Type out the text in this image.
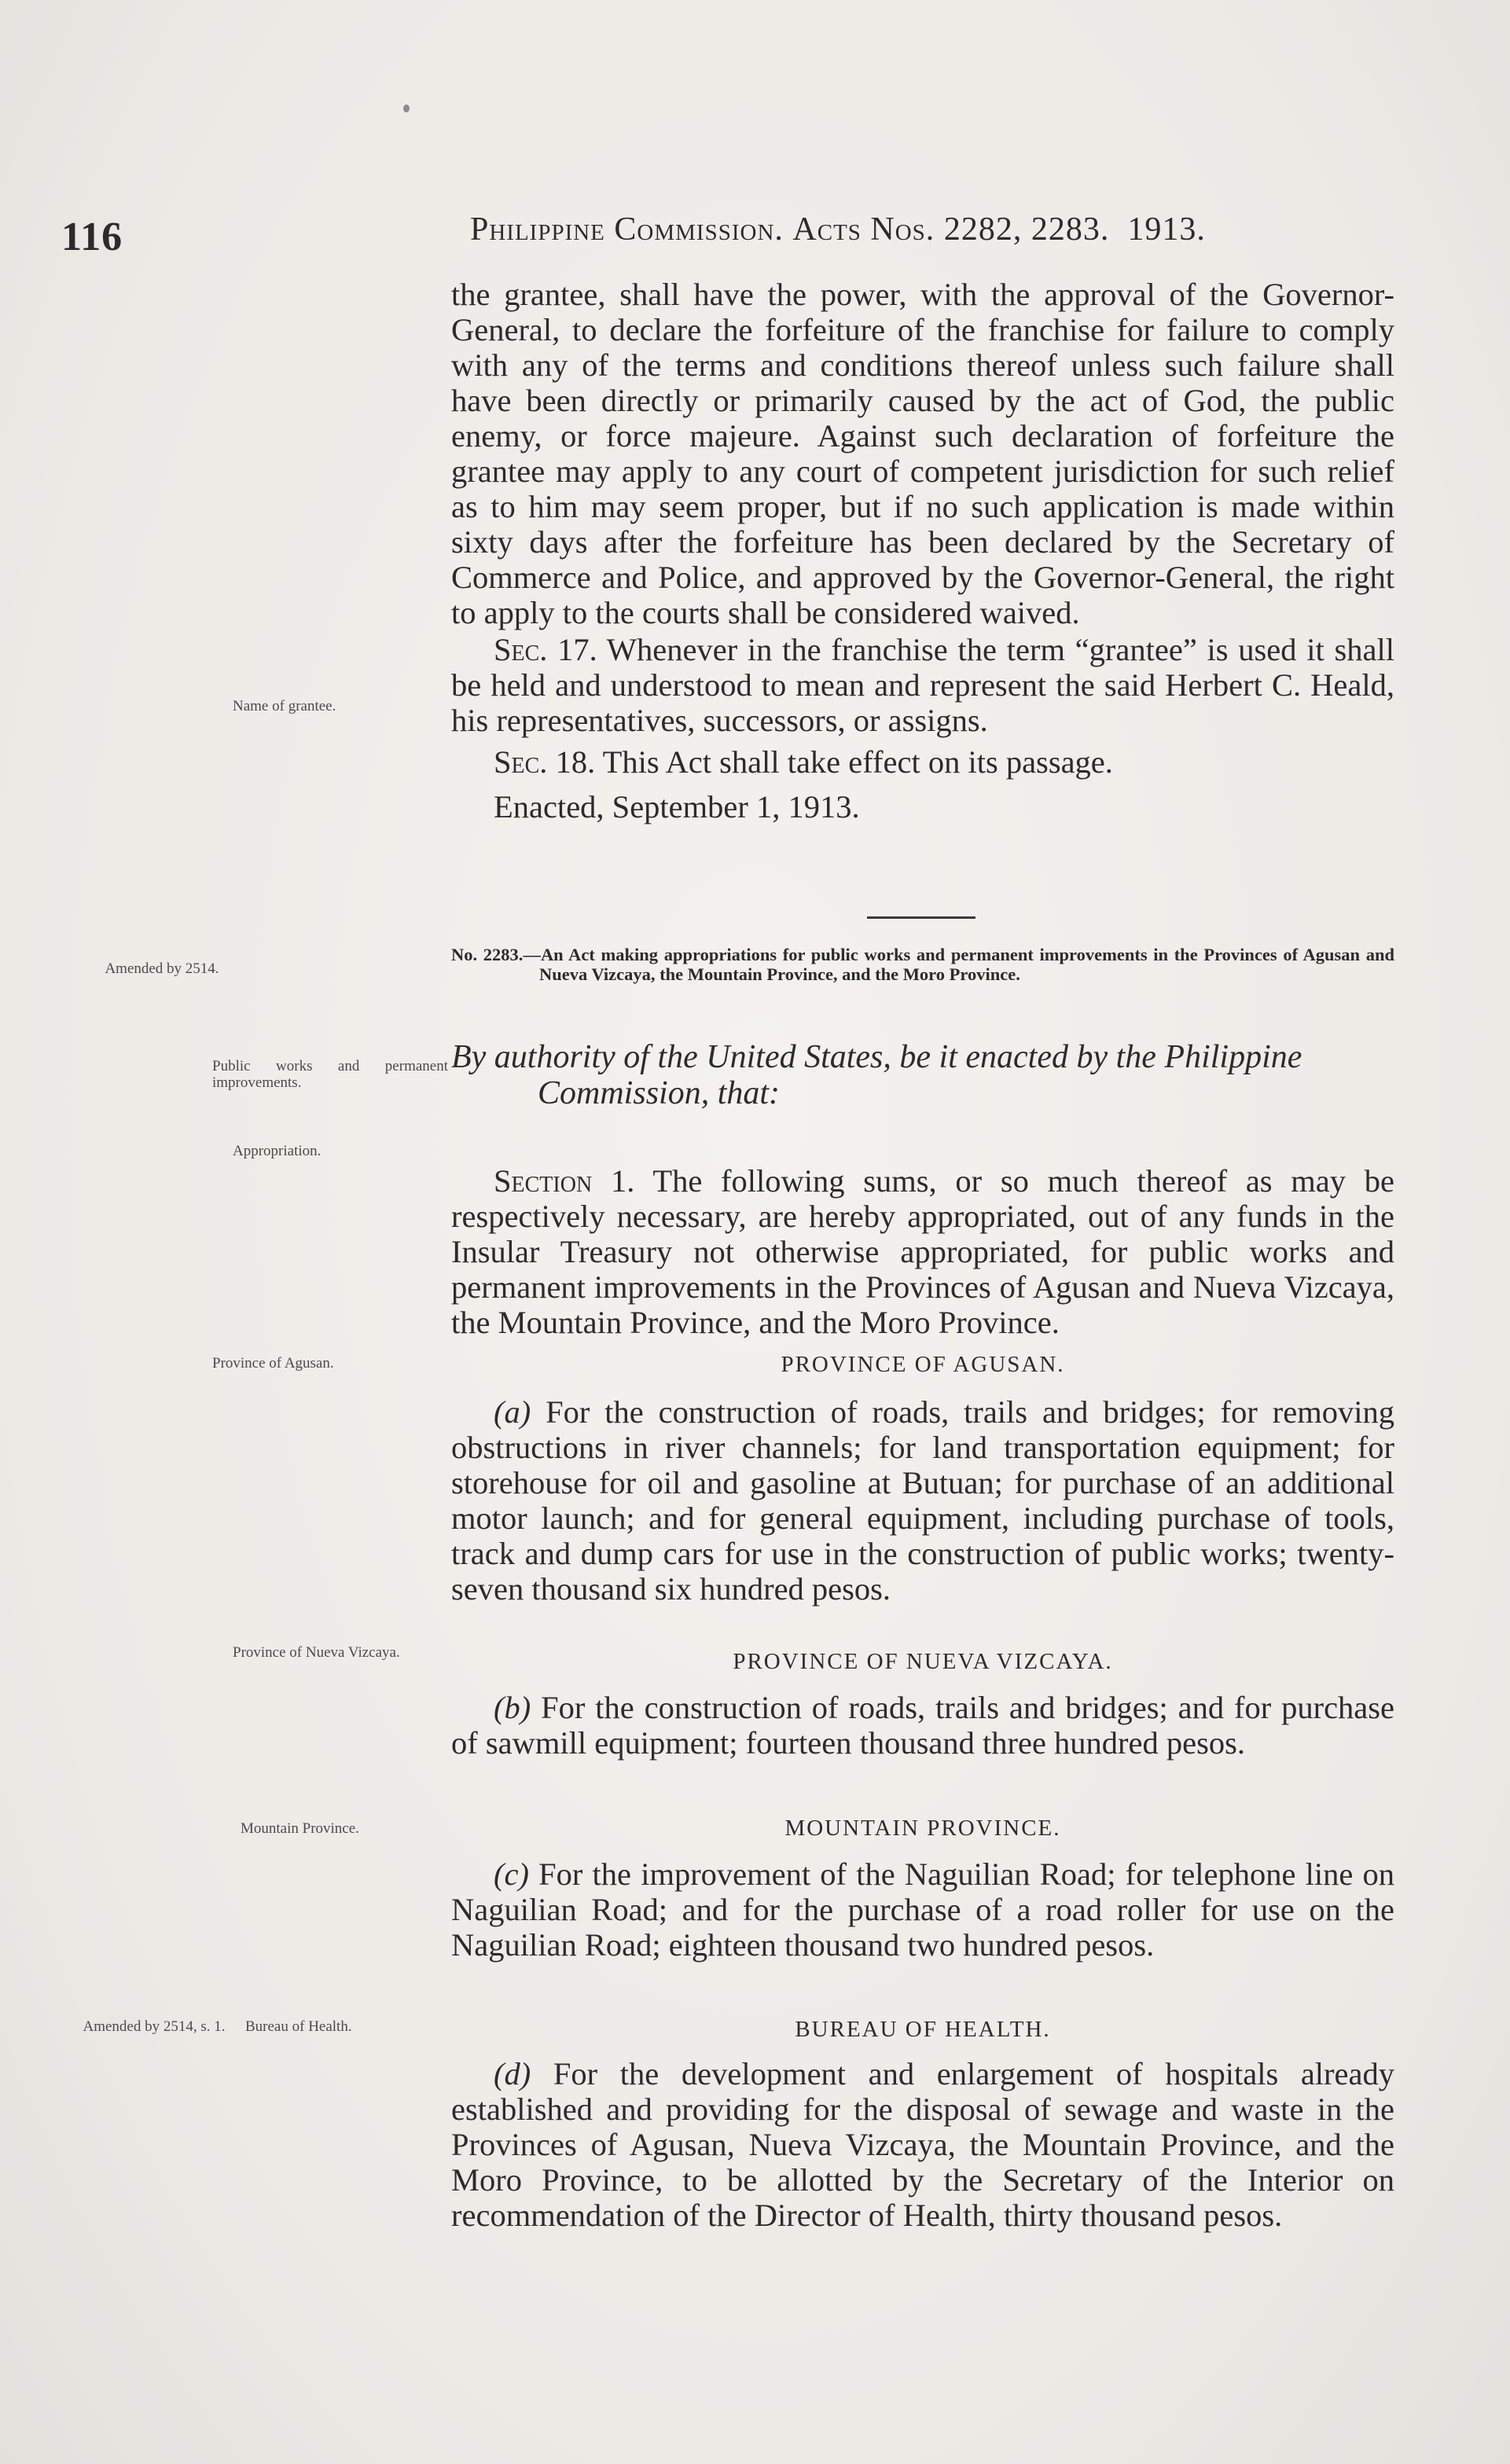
116	Philippine Commission. Acts Nos. 2282, 2283. 1913.

the grantee, shall have the power, with the approval of the Governor-General, to declare the forfeiture of the franchise for failure to comply with any of the terms and conditions thereof unless such failure shall have been directly or primarily caused by the act of God, the public enemy, or force majeure. Against such declaration of forfeiture the grantee may apply to any court of competent jurisdiction for such relief as to him may seem proper, but if no such application is made within sixty days after the forfeiture has been declared by the Secretary of Commerce and Police, and approved by the Governor-General, the right to apply to the courts shall be considered waived.

Sec. 17. Whenever in the franchise the term “grantee” is used it shall be held and understood to mean and represent the said Herbert C. Heald, his representatives, successors, or assigns.

Sec. 18. This Act shall take effect on its passage.

Enacted, September 1, 1913.

No. 2283.—An Act making appropriations for public works and permanent improvements in the Provinces of Agusan and Nueva Vizcaya, the Mountain Province, and the Moro Province.
By authority of the United States, be it enacted by the Philippine Commission, that:

Section 1. The following sums, or so much thereof as may be respectively necessary, are hereby appropriated, out of any funds in the Insular Treasury not otherwise appropriated, for public works and permanent improvements in the Provinces of Agusan and Nueva Vizcaya, the Mountain Province, and the Moro Province.

PROVINCE OF AGUSAN.

(a) For the construction of roads, trails and bridges; for removing obstructions in river channels; for land transportation equipment; for storehouse for oil and gasoline at Butuan; for purchase of an additional motor launch; and for general equipment, including purchase of tools, track and dump cars for use in the construction of public works; twenty-seven thousand six hundred pesos.

PROVINCE OF NUEVA VIZCAYA.

(b) For the construction of roads, trails and bridges; and for purchase of sawmill equipment; fourteen thousand three hundred pesos.

MOUNTAIN PROVINCE.

(c) For the improvement of the Naguilian Road; for telephone line on Naguilian Road; and for the purchase of a road roller for use on the Naguilian Road; eighteen thousand two hundred pesos.

BUREAU OF HEALTH.

(d) For the development and enlargement of hospitals already established and providing for the disposal of sewage and waste in the Provinces of Agusan, Nueva Vizcaya, the Mountain Province, and the Moro Province, to be allotted by the Secretary of the Interior on recommendation of the Director of Health, thirty thousand pesos.

Name of grantee.
Amended by 2514.
Public works and permanent improvements.
Appropriation.
Province of Agusan.
Province of Nueva Vizcaya.
Mountain Province.
Amended by 2514, s. 1.	Bureau of Health.
